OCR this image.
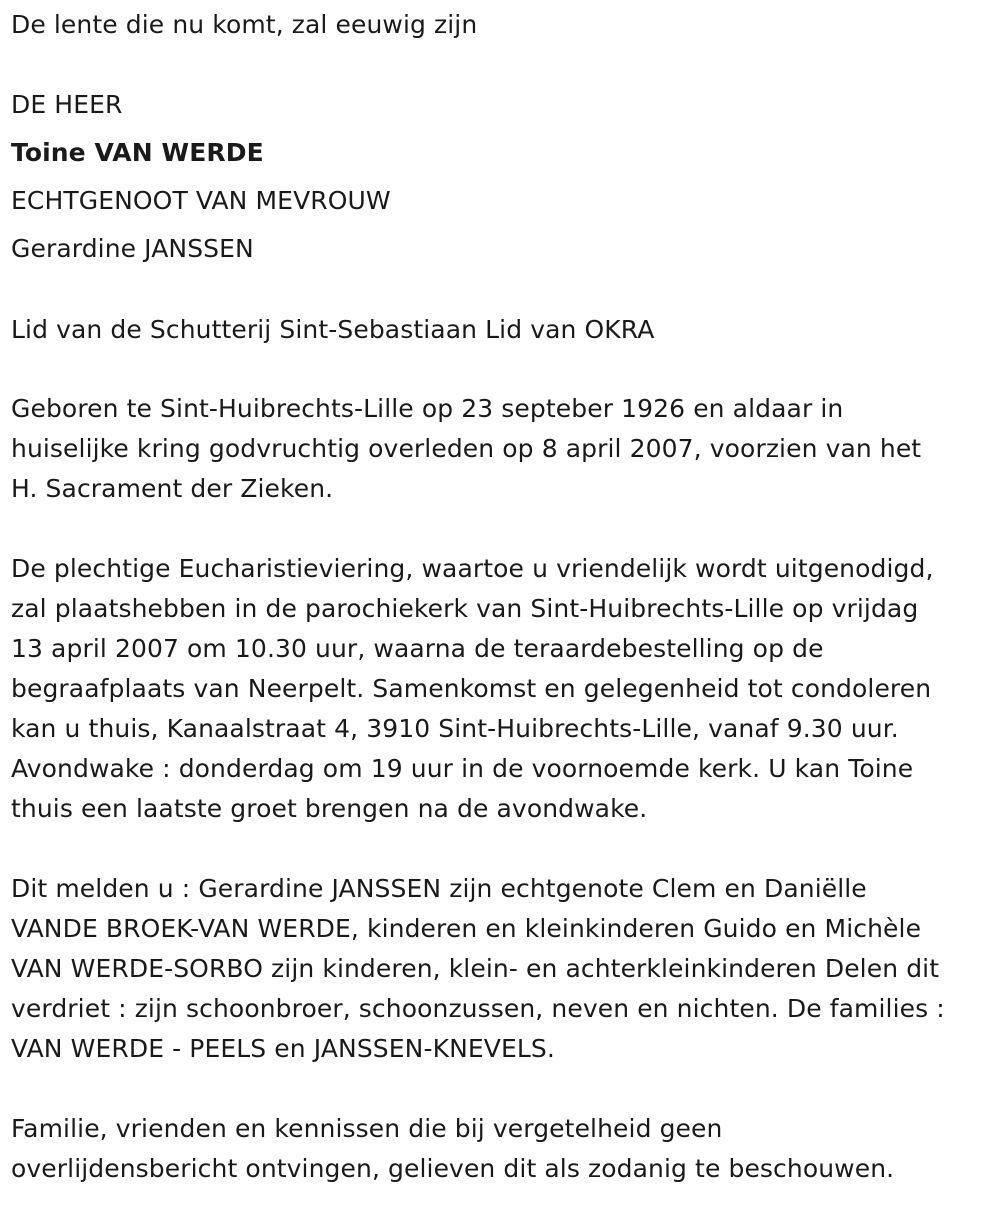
De lente die nu komt, zal eeuwig zijn
DE HEER
Toine VAN WERDE
ECHTGENOOT VAN MEVROUW
Gerardine JANSSEN
Lid van de Schutterij Sint-Sebastiaan Lid van OKRA
Geboren te Sint-Huibrechts-Lille op 23 septeber 1926 en aldaar in
huiselijke kring godvruchtig overleden op 8 april 2007, voorzien van het
H. Sacrament der Zieken.
De plechtige Eucharistieviering, waartoe u vriendelijk wordt uitgenodigd,
zal plaatshebben in de parochiekerk van Sint-Huibrechts-Lille op vrijdag
13 april 2007 om 10.30 uur, waarna de teraardebestelling op de
begraafplaats van Neerpelt. Samenkomst en gelegenheid tot condoleren
kan u thuis, Kanaalstraat 4, 3910 Sint-Huibrechts-Lille, vanaf 9.30 uur.
Avondwake : donderdag om 19 uur in de voornoemde kerk. U kan Toine
thuis een laatste groet brengen na de avondwake.
Dit melden u : Gerardine JANSSEN zijn echtgenote Clem en Daniëlle
VANDE BROEK-VAN WERDE, kinderen en kleinkinderen Guido en Michèle
VAN WERDE-SORBO zijn kinderen, klein- en achterkleinkinderen Delen dit
verdriet : zijn schoonbroer, schoonzussen, neven en nichten. De families :
VAN WERDE - PEELS en JANSSEN-KNEVELS.
Familie, vrienden en kennissen die bij vergetelheid geen
overlijdensbericht ontvingen, gelieven dit als zodanig te beschouwen.
